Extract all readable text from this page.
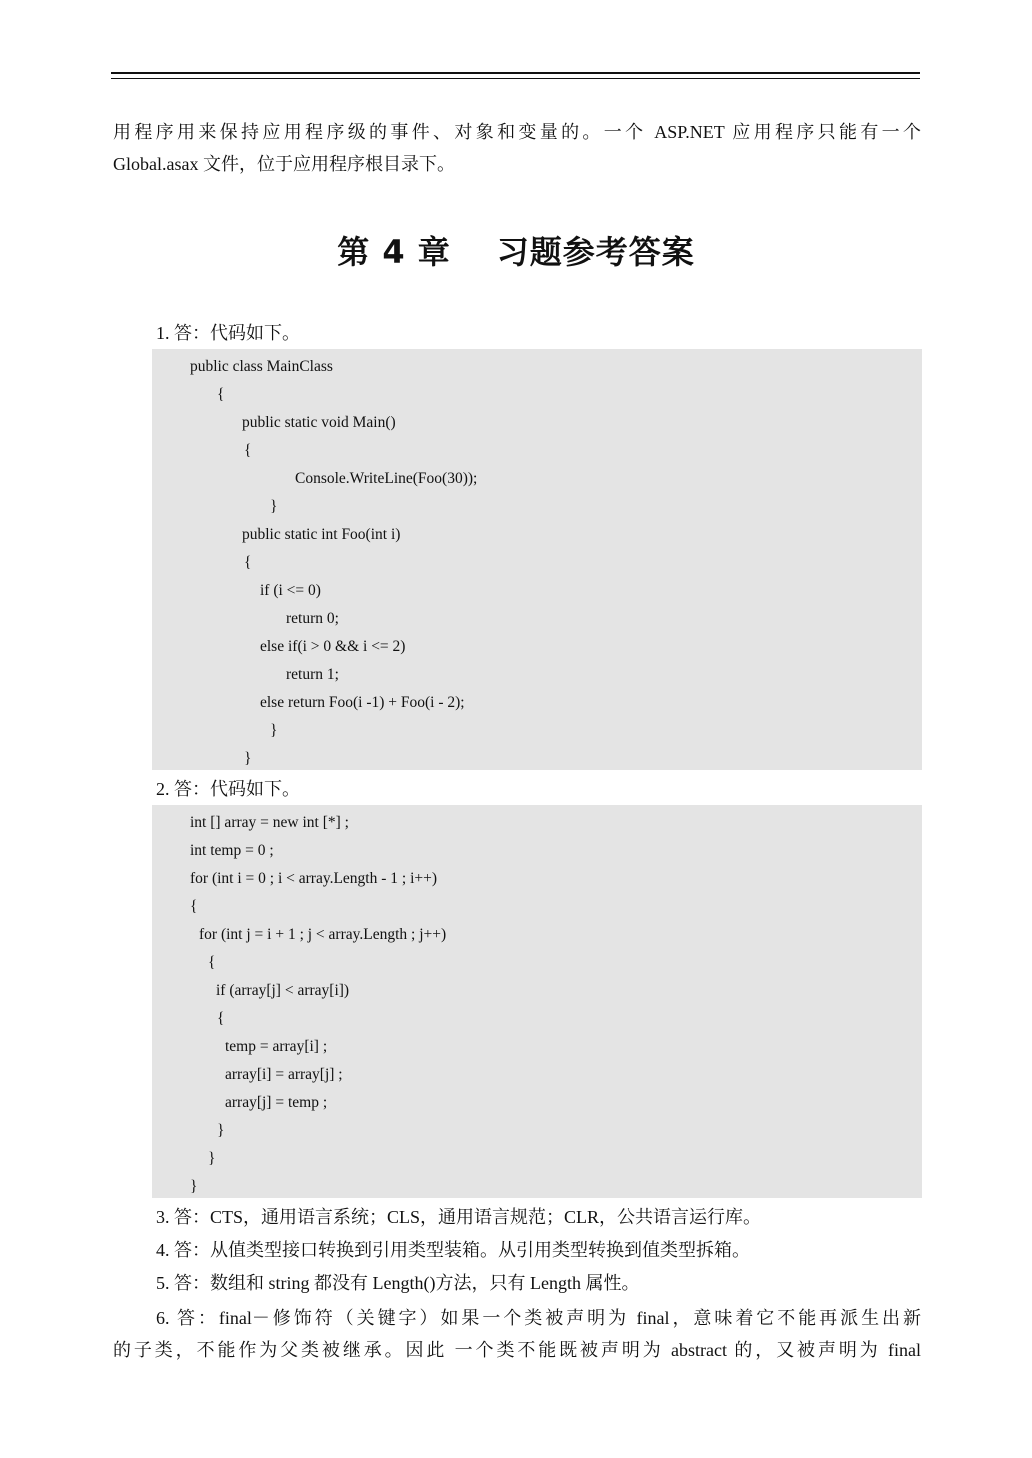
用程序用来保持应用程序级的事件、对象和变量的。一个 ASP.NET 应用程序只能有一个

Global.asax 文件，位于应用程序根目录下。

第 4 章 习题参考答案
1. 答：代码如下。
public class MainClass
{
public static void Main()
{
Console.WriteLine(Foo(30));
}
public static int Foo(int i)
{
if (i <= 0)
return 0;
else if(i > 0 && i <= 2)
return 1;
else return Foo(i -1) + Foo(i - 2);
}
}
2. 答：代码如下。
int [] array = new int [*] ;
int temp = 0 ;
for (int i = 0 ; i < array.Length - 1 ; i++)
{
for (int j = i + 1 ; j < array.Length ; j++)
{
if (array[j] < array[i])
{
temp = array[i] ;
array[i] = array[j] ;
array[j] = temp ;
}
}
}
3. 答：CTS，通用语言系统；CLS，通用语言规范；CLR，公共语言运行库。
4. 答：从值类型接口转换到引用类型装箱。从引用类型转换到值类型拆箱。
5. 答：数组和 string 都没有 Length()方法，只有 Length 属性。

6. 答：final－修饰符（关键字）如果一个类被声明为 final，意味着它不能再派生出新

的子类，不能作为父类被继承。因此 一个类不能既被声明为 abstract 的，又被声明为 final
